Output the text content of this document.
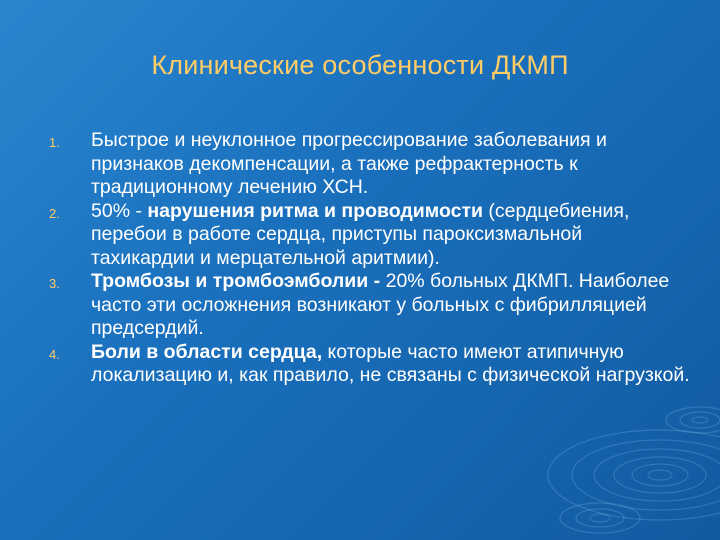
Клинические особенности ДКМП
1. Быстрое и неуклонное прогрессирование заболевания и признаков декомпенсации, а также рефрактерность к традиционному лечению ХСН.
2. 50% - нарушения ритма и проводимости (сердцебиения, перебои в работе сердца, приступы пароксизмальной тахикардии и мерцательной аритмии).
3. Тромбозы и тромбоэмболии - 20% больных ДКМП. Наиболее часто эти осложнения возникают у больных с фибрилляцией предсердий.
4. Боли в области сердца, которые часто имеют атипичную локализацию и, как правило, не связаны с физической нагрузкой.
